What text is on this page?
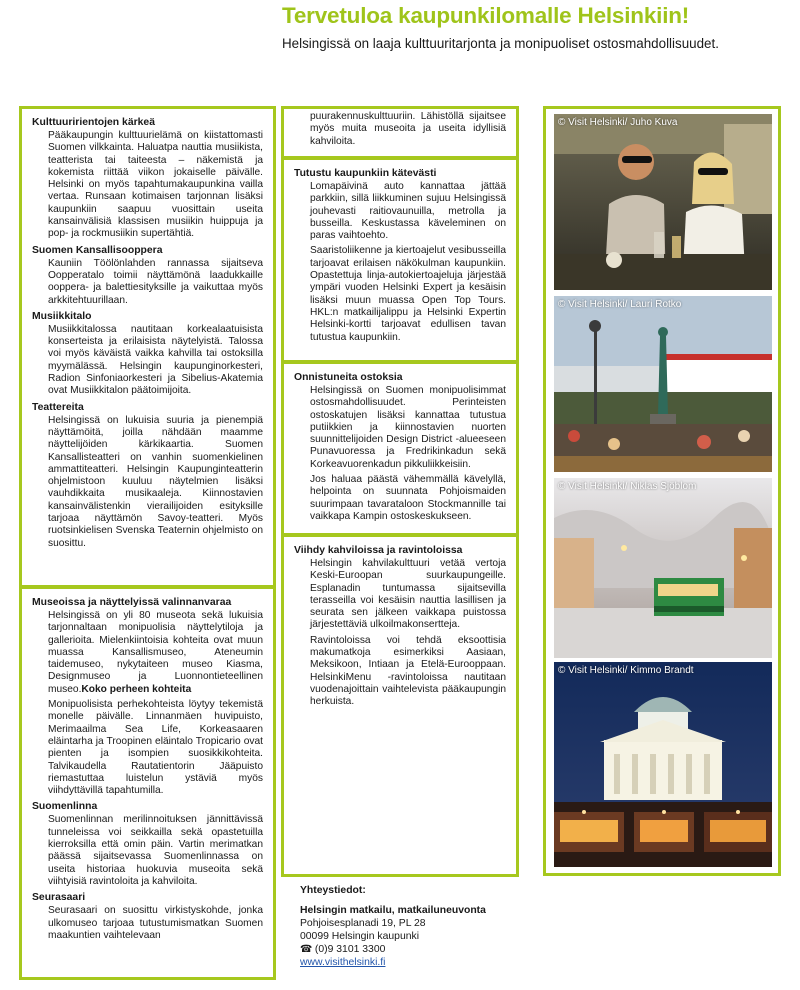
Tervetuloa kaupunkilomalle Helsinkiin!
Helsingissä on laaja kulttuuritarjonta ja monipuoliset ostosmahdollisuudet.
Kulttuuririentojen kärkeä
Pääkaupungin kulttuurielämä on kiistattomasti Suomen vilkkainta. Haluatpa nauttia musiikista, teatterista tai taiteesta – näkemistä ja kokemista riittää viikon jokaiselle päivälle. Helsinki on myös tapahtumakaupunkina vailla vertaa. Runsaan kotimaisen tarjonnan lisäksi kaupunkiin saapuu vuosittain useita kansainvälisiä klassisen musiikin huippuja ja pop- ja rockmusiikin supertähtiä.
Suomen Kansallisooppera
Kauniin Töölönlahden rannassa sijaitseva Oopperatalo toimii näyttämönä laadukkaille ooppera- ja balettiesityksille ja vaikuttaa myös arkkitehtuurillaan.
Musiikkitalo
Musiikkitalossa nautitaan korkealaatuisista konserteista ja erilaisista näytelyistä. Talossa voi myös käväistä vaikka kahvilla tai ostoksilla myymälässä. Helsingin kaupunginorkesteri, Radion Sinfoniaorkesteri ja Sibelius-Akatemia ovat Musiikkitalon päätoimijoita.
Teattereita
Helsingissä on lukuisia suuria ja pienempiä näyttämöitä, joilla nähdään maamme näyttelijöiden kärkikaartia. Suomen Kansallisteatteri on vanhin suomenkielinen ammattiteatteri. Helsingin Kaupunginteatterin ohjelmistoon kuuluu näytelmien lisäksi vauhdikkaita musikaaleja. Kiinnostavien kansainvälistenkin vierailijoiden esityksille tarjoaa näyttämön Savoy-teatteri. Myös ruotsinkielisen Svenska Teaternin ohjelmisto on suosittu.
Museoissa ja näyttelyissä valinnanvaraa
Helsingissä on yli 80 museota sekä lukuisia tarjonnaltaan monipuolisia näyttelytiloja ja gallerioita. Mielenkiintoisia kohteita ovat muun muassa Kansallismuseo, Ateneumin taidemuseo, nykytaiteen museo Kiasma, Designmuseo ja Luonnontieteellinen museo.Koko perheen kohteita
Monipuolisista perhekohteista löytyy tekemistä monelle päivälle. Linnanmäen huvipuisto, Merimaailma Sea Life, Korkeasaaren eläintarha ja Troopinen eläintalo Tropicario ovat pienten ja isompien suosikkikohteita. Talvikaudella Rautatientorin Jääpuisto riemastuttaa luistelun ystäviä myös viihdyttävillä tapahtumilla.
Suomenlinna
Suomenlinnan merilinnoituksen jännittävissä tunneleissa voi seikkailla sekä opastetuilla kierroksilla että omin päin. Vartin merimatkan päässä sijaitsevassa Suomenlinnassa on useita historiaa huokuvia museoita sekä viihtyisiä ravintoloita ja kahviloita.
Seurasaari
Seurasaari on suosittu virkistyskohde, jonka ulkomuseo tarjoaa tutustumismatkan Suomen maakuntien vaihtelevaan
puurakennuskulttuuriin. Lähistöllä sijaitsee myös muita museoita ja useita idyllisiä kahviloita.
Tutustu kaupunkiin kätevästi
Lomapäivinä auto kannattaa jättää parkkiin, sillä liikkuminen sujuu Helsingissä jouhevasti raitiovaunuilla, metrolla ja busseilla. Keskustassa käveleminen on paras vaihtoehto.
Saaristoliikenne ja kiertoajelut vesibusseilla tarjoavat erilaisen näkökulman kaupunkiin. Opastettuja linja-autokiertoajeluja järjestää ympäri vuoden Helsinki Expert ja kesäisin lisäksi muun muassa Open Top Tours. HKL:n matkailijalippu ja Helsinki Expertin Helsinki-kortti tarjoavat edullisen tavan tutustua kaupunkiin.
Onnistuneita ostoksia
Helsingissä on Suomen monipuolisimmat ostosmahdollisuudet. Perinteisten ostoskatujen lisäksi kannattaa tutustua putiikkien ja kiinnostavien nuorten suunnittelijoiden Design District -alueeseen Punavuoressa ja Fredrikinkadun sekä Korkeavuorenkadun pikkuliikkeisiin.
Jos haluaa päästä vähemmällä kävelyllä, helpointa on suunnata Pohjoismaiden suurimpaan tavarataloon Stockmannille tai vaikkapa Kampin ostoskeskukseen.
Viihdy kahviloissa ja ravintoloissa
Helsingin kahvilakulttuuri vetää vertoja Keski-Euroopan suurkaupungeille. Esplanadin tuntumassa sijaitsevilla terasseilla voi kesäisin nauttia lasillisen ja seurata sen jälkeen vaikkapa puistossa järjestettäviä ulkoilmakonsertteja.
Ravintoloissa voi tehdä eksoottisia makumatkoja esimerkiksi Aasiaan, Meksikoon, Intiaan ja Etelä-Eurooppaan. HelsinkiMenu -ravintoloissa nautitaan vuodenajoittain vaihtelevista pääkaupungin herkuista.
Yhteystiedot:
Helsingin matkailu, matkailuneuvonta
Pohjoisesplanadi 19, PL 28
00099 Helsingin kaupunki
☎ (0)9 3101 3300
www.visithelsinki.fi
© Visit Helsinki/ Juho Kuva
© Visit Helsinki/ Lauri Rotko
© Visit Helsinki/ Niklas Sjöblom
© Visit Helsinki/ Kimmo Brandt
